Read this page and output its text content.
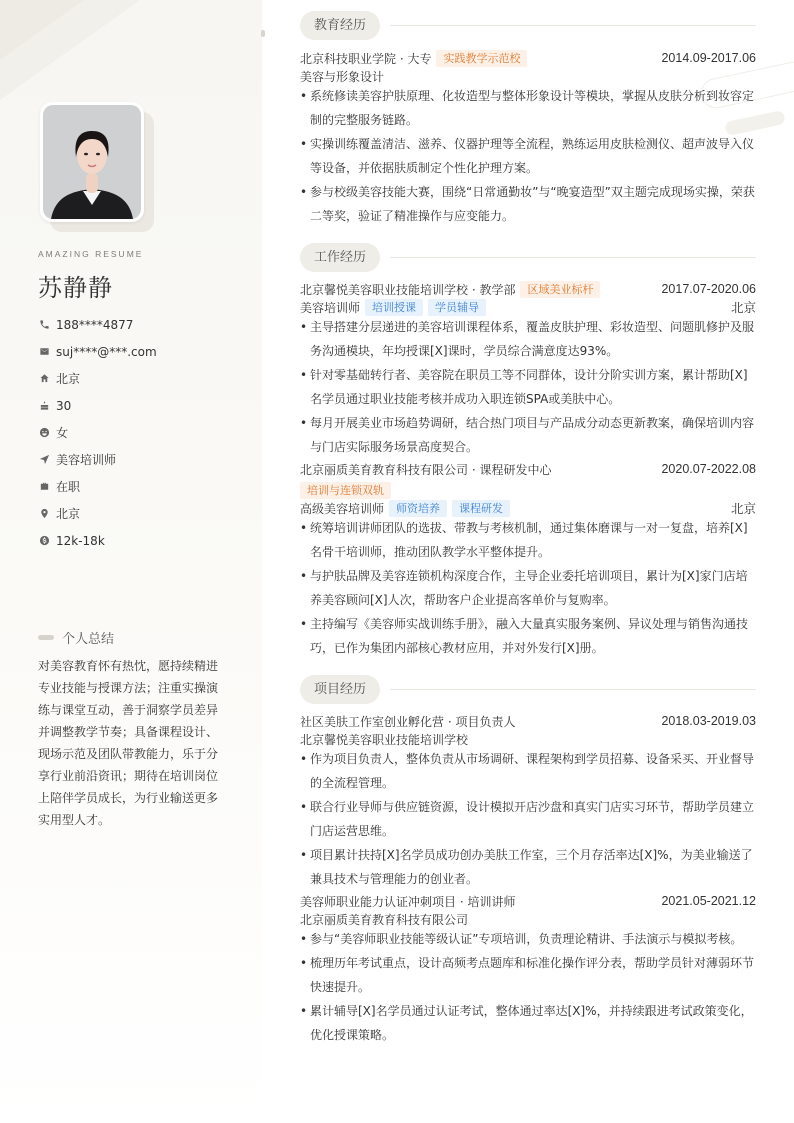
AMAZING RESUME
苏静静
188****4877
suj****@***.com
北京
30
女
美容培训师
在职
北京
12k-18k
个人总结
对美容教育怀有热忱，愿持续精进专业技能与授课方法；注重实操演练与课堂互动，善于洞察学员差异并调整教学节奏；具备课程设计、现场示范及团队带教能力，乐于分享行业前沿资讯；期待在培训岗位上陪伴学员成长，为行业输送更多实用型人才。
教育经历
北京科技职业学院 · 大专	实践教学示范校	2014.09-2017.06
美容与形象设计
• 系统修读美容护肤原理、化妆造型与整体形象设计等模块，掌握从皮肤分析到妆容定制的完整服务链路。
• 实操训练覆盖清洁、滋养、仪器护理等全流程，熟练运用皮肤检测仪、超声波导入仪等设备，并依据肤质制定个性化护理方案。
• 参与校级美容技能大赛，围绕“日常通勤妆”与“晚宴造型”双主题完成现场实操，荣获二等奖，验证了精准操作与应变能力。
工作经历
北京馨悦美容职业技能培训学校 · 教学部	区域美业标杆	2017.07-2020.06
美容培训师	培训授课	学员辅导	北京
• 主导搭建分层递进的美容培训课程体系，覆盖皮肤护理、彩妆造型、问题肌修护及服务沟通模块，年均授课[X]课时，学员综合满意度达93%。
• 针对零基础转行者、美容院在职员工等不同群体，设计分阶实训方案，累计帮助[X]名学员通过职业技能考核并成功入职连锁SPA或美肤中心。
• 每月开展美业市场趋势调研，结合热门项目与产品成分动态更新教案，确保培训内容与门店实际服务场景高度契合。
北京丽质美育教育科技有限公司 · 课程研发中心	2020.07-2022.08
培训与连锁双轨
高级美容培训师	师资培养	课程研发	北京
• 统筹培训讲师团队的选拔、带教与考核机制，通过集体磨课与一对一复盘，培养[X]名骨干培训师，推动团队教学水平整体提升。
• 与护肤品牌及美容连锁机构深度合作，主导企业委托培训项目，累计为[X]家门店培养美容顾问[X]人次，帮助客户企业提高客单价与复购率。
• 主持编写《美容师实战训练手册》，融入大量真实服务案例、异议处理与销售沟通技巧，已作为集团内部核心教材应用，并对外发行[X]册。
项目经历
社区美肤工作室创业孵化营 · 项目负责人	2018.03-2019.03
北京馨悦美容职业技能培训学校
• 作为项目负责人，整体负责从市场调研、课程架构到学员招募、设备采买、开业督导的全流程管理。
• 联合行业导师与供应链资源，设计模拟开店沙盘和真实门店实习环节，帮助学员建立门店运营思维。
• 项目累计扶持[X]名学员成功创办美肤工作室，三个月存活率达[X]%，为美业输送了兼具技术与管理能力的创业者。
美容师职业能力认证冲刺项目 · 培训讲师	2021.05-2021.12
北京丽质美育教育科技有限公司
• 参与“美容师职业技能等级认证”专项培训，负责理论精讲、手法演示与模拟考核。
• 梳理历年考试重点，设计高频考点题库和标准化操作评分表，帮助学员针对薄弱环节快速提升。
• 累计辅导[X]名学员通过认证考试，整体通过率达[X]%，并持续跟进考试政策变化，优化授课策略。
